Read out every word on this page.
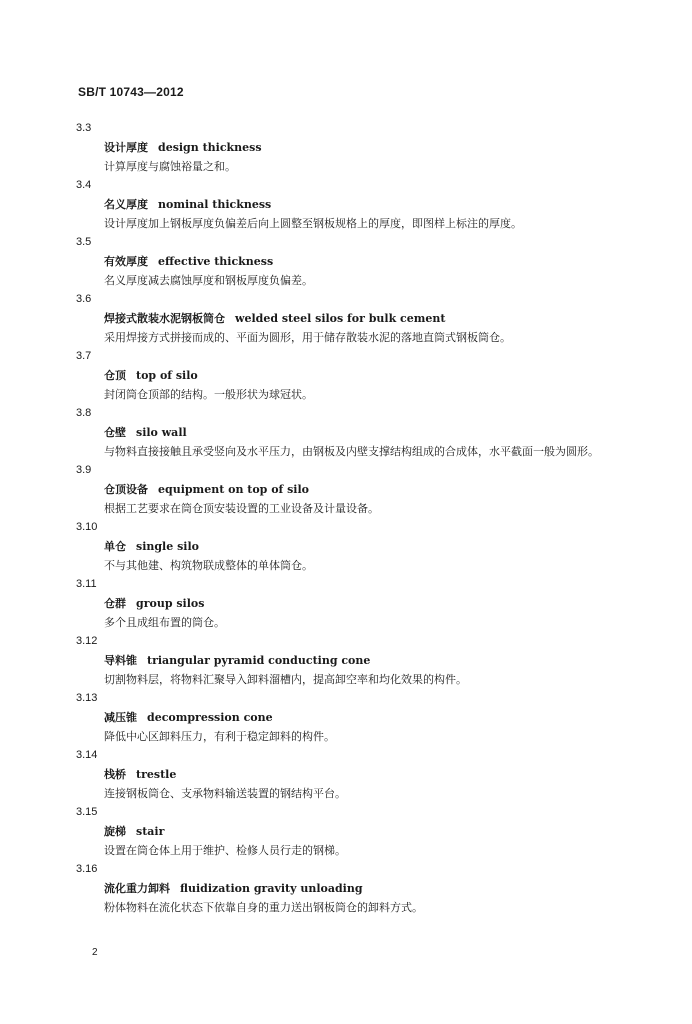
SB/T 10743—2012
3.3
设计厚度 design thickness
计算厚度与腐蚀裕量之和。
3.4
名义厚度 nominal thickness
设计厚度加上钢板厚度负偏差后向上圆整至钢板规格上的厚度，即图样上标注的厚度。
3.5
有效厚度 effective thickness
名义厚度减去腐蚀厚度和钢板厚度负偏差。
3.6
焊接式散装水泥钢板筒仓 welded steel silos for bulk cement
采用焊接方式拼接而成的、平面为圆形，用于储存散装水泥的落地直筒式钢板筒仓。
3.7
仓顶 top of silo
封闭筒仓顶部的结构。一般形状为球冠状。
3.8
仓壁 silo wall
与物料直接接触且承受竖向及水平压力，由钢板及内壁支撑结构组成的合成体，水平截面一般为圆形。
3.9
仓顶设备 equipment on top of silo
根据工艺要求在筒仓顶安装设置的工业设备及计量设备。
3.10
单仓 single silo
不与其他建、构筑物联成整体的单体筒仓。
3.11
仓群 group silos
多个且成组布置的筒仓。
3.12
导料锥 triangular pyramid conducting cone
切割物料层，将物料汇聚导入卸料溜槽内，提高卸空率和均化效果的构件。
3.13
减压锥 decompression cone
降低中心区卸料压力，有利于稳定卸料的构件。
3.14
栈桥 trestle
连接钢板筒仓、支承物料输送装置的钢结构平台。
3.15
旋梯 stair
设置在筒仓体上用于维护、检修人员行走的钢梯。
3.16
流化重力卸料 fluidization gravity unloading
粉体物料在流化状态下依靠自身的重力送出钢板筒仓的卸料方式。
2
